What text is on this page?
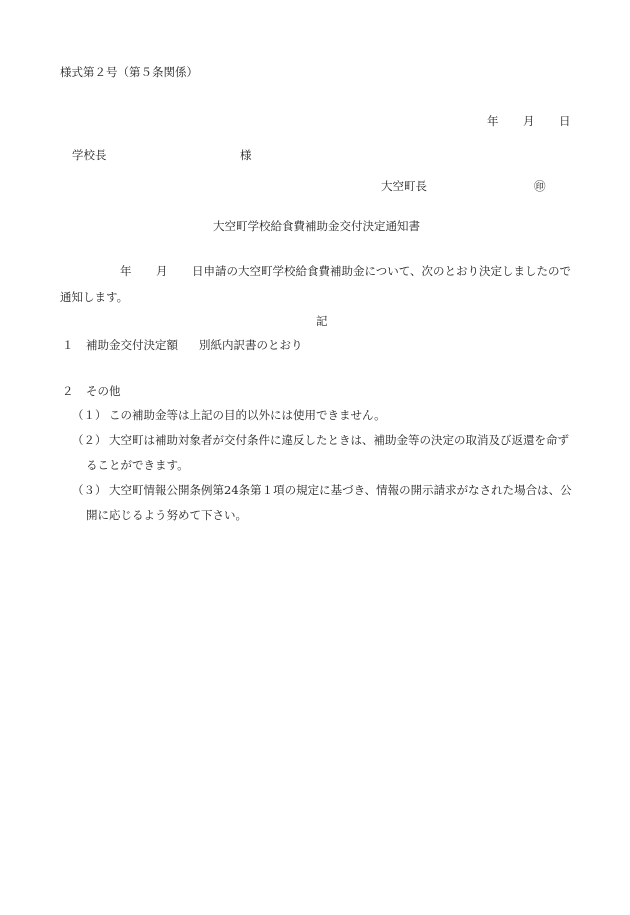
様式第２号（第５条関係）
年 月 日
学校長	様
大空町長	㊞
大空町学校給食費補助金交付決定通知書
年 月 日申請の大空町学校給食費補助金について、次のとおり決定しましたので
通知します。
記
１ 補助金交付決定額 別紙内訳書のとおり
２ その他
（１） この補助金等は上記の目的以外には使用できません。
（２） 大空町は補助対象者が交付条件に違反したときは、補助金等の決定の取消及び返還を命ず
ることができます。
（３） 大空町情報公開条例第24条第１項の規定に基づき、情報の開示請求がなされた場合は、公
開に応じるよう努めて下さい。
